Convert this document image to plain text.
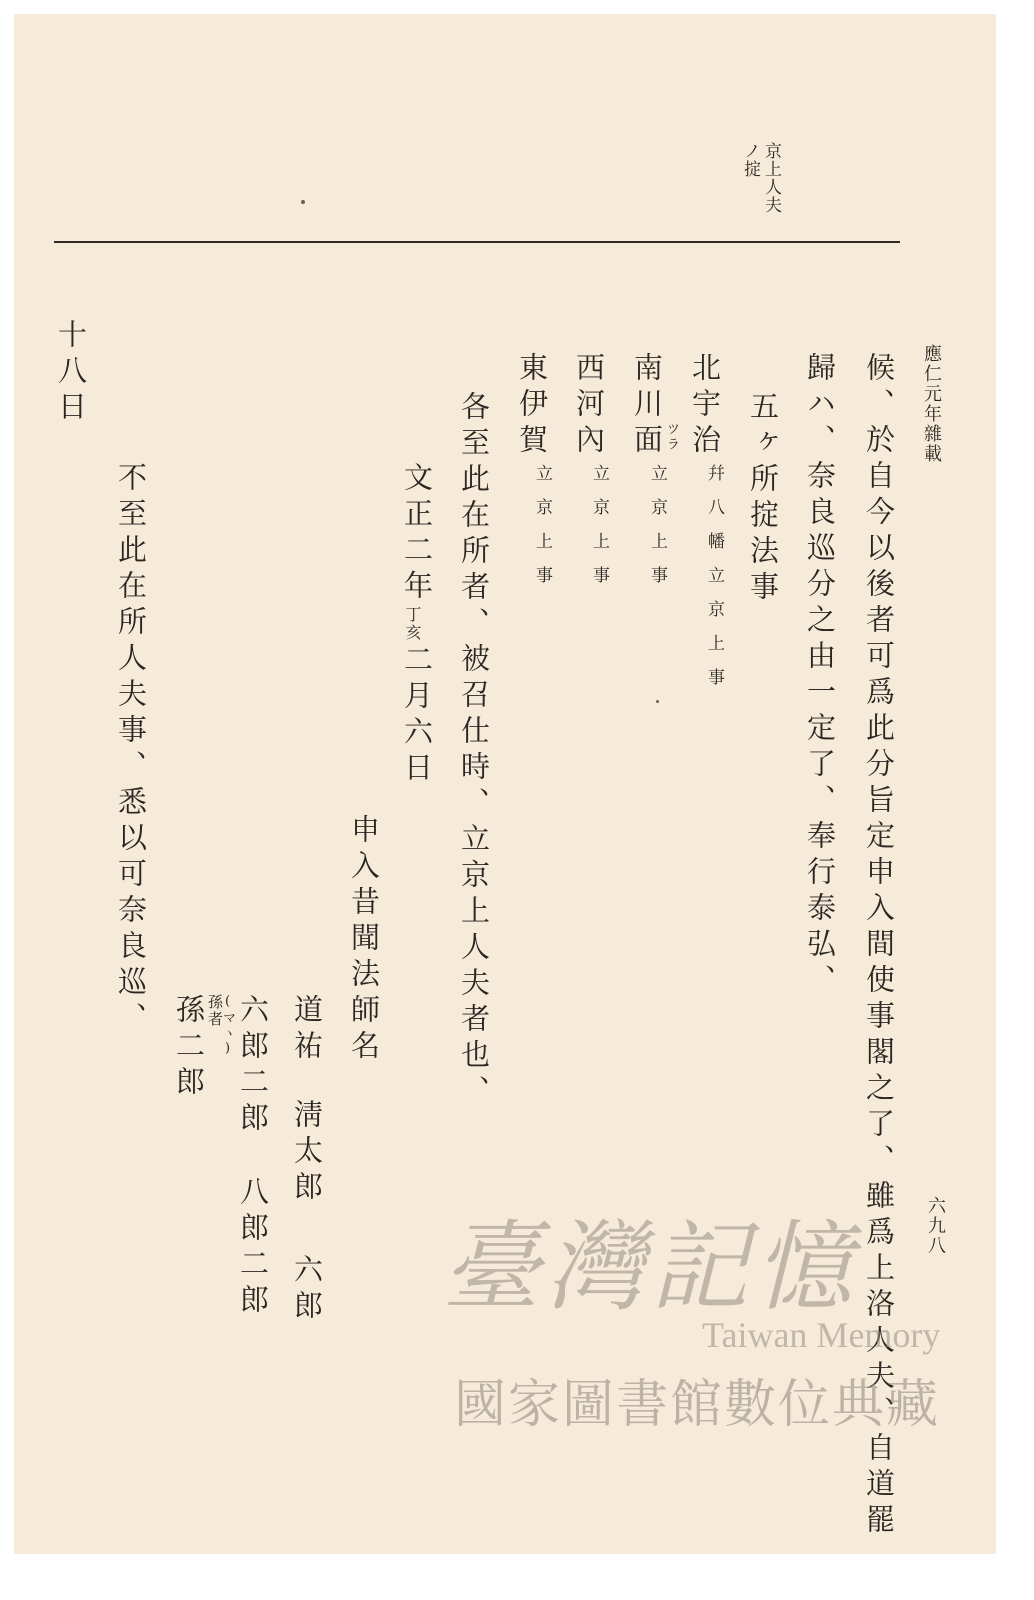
京上人夫
ノ掟
應仁元年雜載
六九八
候、於自今以後者可爲此分旨定申入間使事閣之了、雖爲上洛人夫、自道罷
歸ハ、奈良巡分之由一定了、奉行泰弘、
五ヶ所掟法事
北宇治
幷八幡立京上事
南川面 ツラ
立京上事
西河內
立京上事
東伊賀
立京上事
各至此在所者、被召仕時、立京上人夫者也、
文正二年
丁亥
二月六日
申入昔聞法師名
道祐
淸太郎
六郎
六郎二郎
八郎二郎
(マヽ)
孫者
孫二郎
十八日
不至此在所人夫事、悉以可奈良巡、
臺灣記憶
Taiwan Memory
國家圖書館數位典藏
